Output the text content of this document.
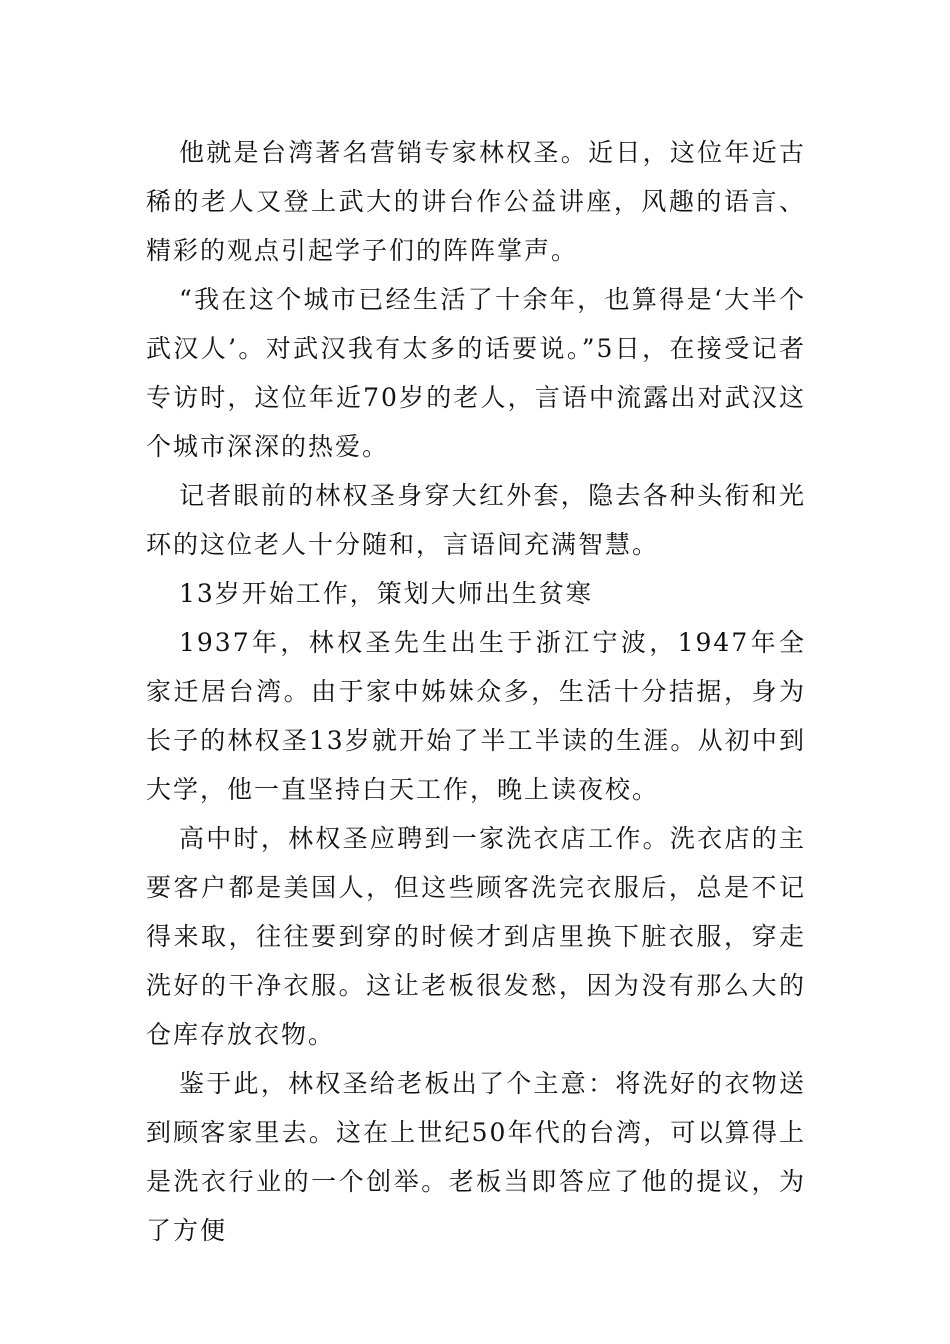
他就是台湾著名营销专家林权圣。近日，这位年近古稀的老人又登上武大的讲台作公益讲座，风趣的语言、精彩的观点引起学子们的阵阵掌声。

“我在这个城市已经生活了十余年，也算得是‘大半个武汉人’。对武汉我有太多的话要说。”5日，在接受记者专访时，这位年近70岁的老人，言语中流露出对武汉这个城市深深的热爱。

记者眼前的林权圣身穿大红外套，隐去各种头衔和光环的这位老人十分随和，言语间充满智慧。

13岁开始工作，策划大师出生贫寒

1937年，林权圣先生出生于浙江宁波，1947年全家迁居台湾。由于家中姊妹众多，生活十分拮据，身为长子的林权圣13岁就开始了半工半读的生涯。从初中到大学，他一直坚持白天工作，晚上读夜校。

高中时，林权圣应聘到一家洗衣店工作。洗衣店的主要客户都是美国人，但这些顾客洗完衣服后，总是不记得来取，往往要到穿的时候才到店里换下脏衣服，穿走洗好的干净衣服。这让老板很发愁，因为没有那么大的仓库存放衣物。

鉴于此，林权圣给老板出了个主意：将洗好的衣物送到顾客家里去。这在上世纪50年代的台湾，可以算得上是洗衣行业的一个创举。老板当即答应了他的提议，为了方便
